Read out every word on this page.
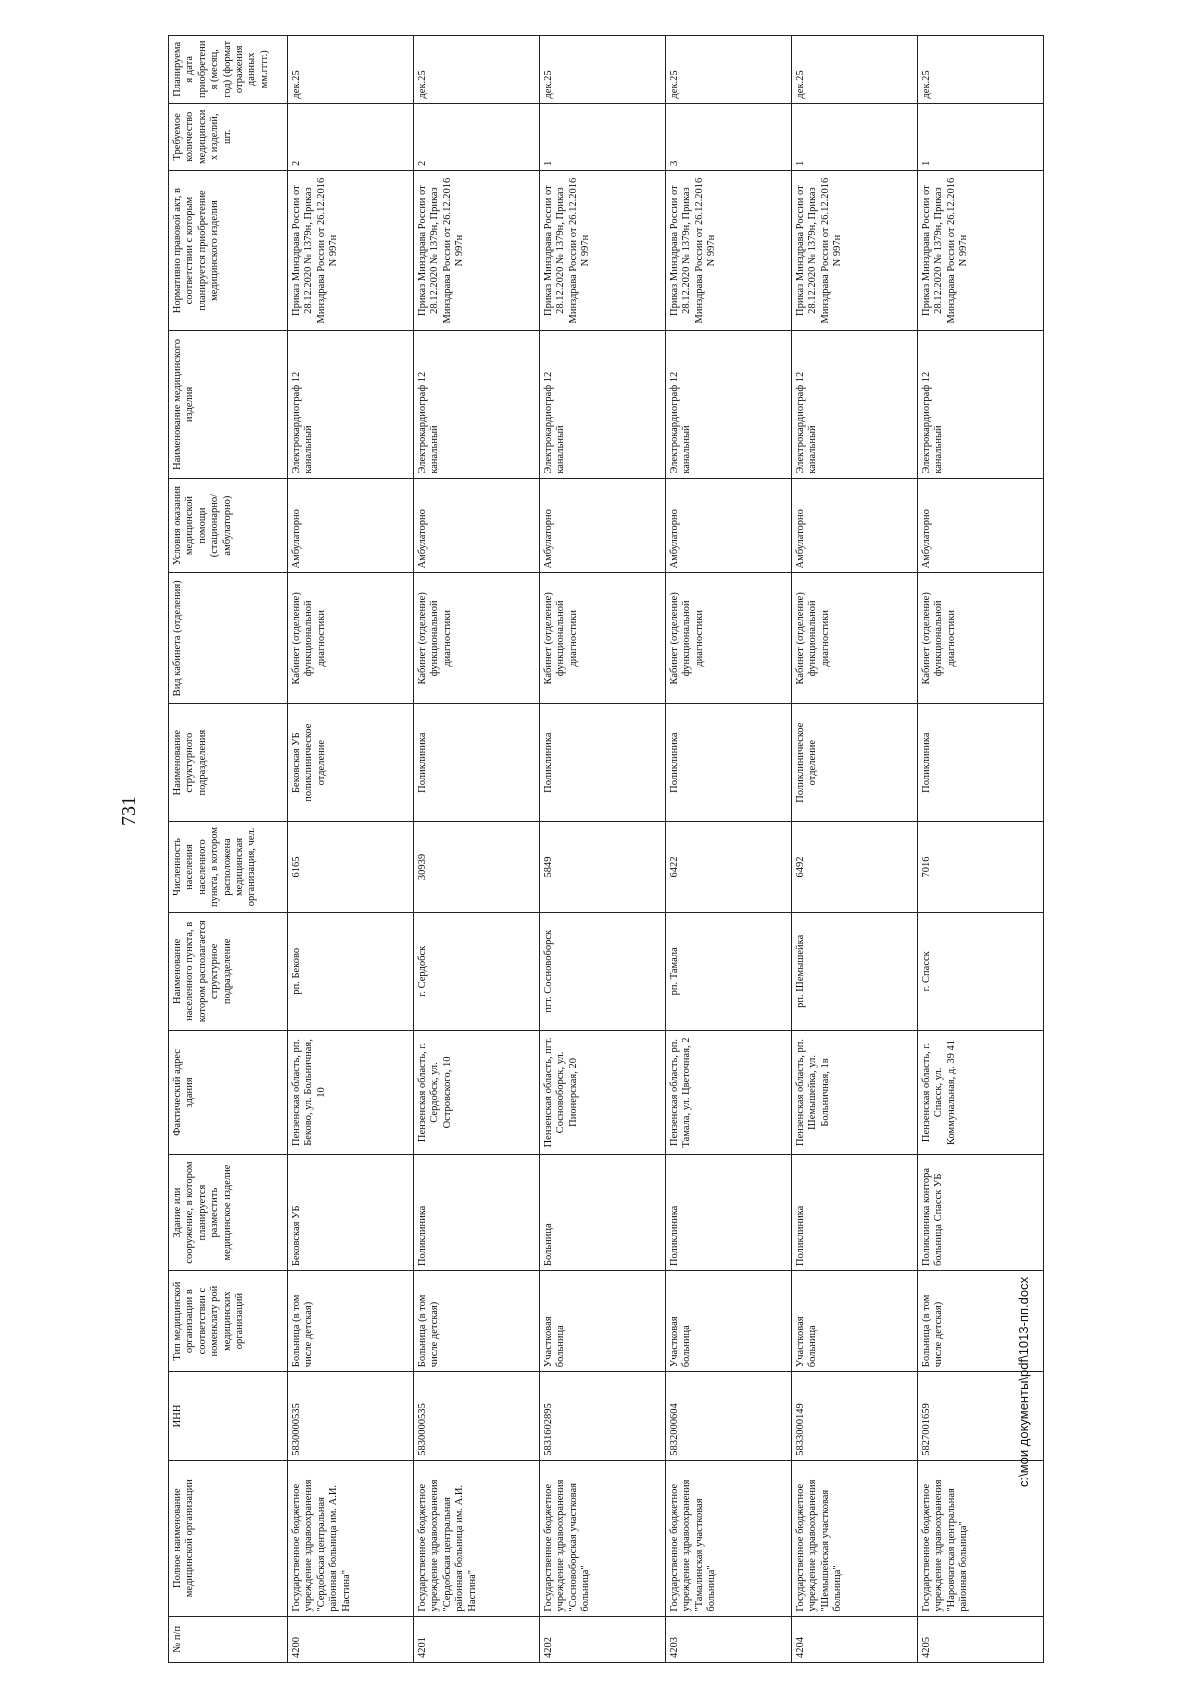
731
№ п/п	Полное наименование медицинской организации	ИНН	Тип медицинской организации в соответствии с номенклату рой медицинских организаций	Здание или сооружение, в котором планируется разместить медицинское изделие	Фактический адрес здания	Наименование населенного пункта, в котором располагается структурное подразделение	Численность населения населенного пункта, в котором расположена медицинская организация, чел.	Наименование структурного подразделения	Вид кабинета (отделения)	Условия оказания медицинской помощи (стационарно/ амбулаторно)	Наименование медицинского изделия	Нормативно правовой акт, в соответствии с которым планируется приобретение медицинского изделия	Требуемое количество медицинских изделий, шт.	Планируемая дата приобретения (месяц, год) (формат отражения данных мм.гггг.)
4200	Государственное бюджетное учреждение здравоохранения "Сердобская центральная районная больница им. А.И. Настина"	5830000535	Больница (в том числе детская)	Бековская УБ	Пензенская область, рп. Беково, ул. Больничная, 10	рп. Беково	6165	Бековская УБ поликлиническое отделение	Кабинет (отделение) функциональной диагностики	Амбулаторно	Электрокардиограф 12 канальный	Приказ Минздрава России от 28.12.2020 № 1379н, Приказ Минздрава России от 26.12.2016 N 997н	2	дек.25
4201	Государственное бюджетное учреждение здравоохранения "Сердобская центральная районная больница им. А.И. Настина"	5830000535	Больница (в том числе детская)	Поликлиника	Пензенская область, г. Сердобск, ул. Островского, 10	г. Сердобск	30939	Поликлиника	Кабинет (отделение) функциональной диагностики	Амбулаторно	Электрокардиограф 12 канальный	Приказ Минздрава России от 28.12.2020 № 1379н, Приказ Минздрава России от 26.12.2016 N 997н	2	дек.25
4202	Государственное бюджетное учреждение здравоохранения "Сосновоборская участковая больница"	5831602895	Участковая больница	Больница	Пензенская область, пгт. Сосновоборск, ул. Пионерская, 20	пгт. Сосновоборск	5849	Поликлиника	Кабинет (отделение) функциональной диагностики	Амбулаторно	Электрокардиограф 12 канальный	Приказ Минздрава России от 28.12.2020 № 1379н, Приказ Минздрава России от 26.12.2016 N 997н	1	дек.25
4203	Государственное бюджетное учреждение здравоохранения "Тамалинская участковая больница"	5832000604	Участковая больница	Поликлиника	Пензенская область, рп. Тамала, ул. Цветочная, 2	рп. Тамала	6422	Поликлиника	Кабинет (отделение) функциональной диагностики	Амбулаторно	Электрокардиограф 12 канальный	Приказ Минздрава России от 28.12.2020 № 1379н, Приказ Минздрава России от 26.12.2016 N 997н	3	дек.25
4204	Государственное бюджетное учреждение здравоохранения "Шемышейская участковая больница"	5833000149	Участковая больница	Поликлиника	Пензенская область, рп. Шемышейка, ул. Больничная, 1в	рп. Шемышейка	6492	Поликлиническое отделение	Кабинет (отделение) функциональной диагностики	Амбулаторно	Электрокардиограф 12 канальный	Приказ Минздрава России от 28.12.2020 № 1379н, Приказ Минздрава России от 26.12.2016 N 997н	1	дек.25
4205	Государственное бюджетное учреждение здравоохранения "Наровчатская центральная районная больница"	5827001659	Больница (в том числе детская)	Поликлиника контора больница Спасск УБ	Пензенская область, г. Спасск, ул. Коммунальная, д. 39 41	г. Спасск	7016	Поликлиника	Кабинет (отделение) функциональной диагностики	Амбулаторно	Электрокардиограф 12 канальный	Приказ Минздрава России от 28.12.2020 № 1379н, Приказ Минздрава России от 26.12.2016 N 997н	1	дек.25
c:\мои документы\pdf\1013-пп.docx
